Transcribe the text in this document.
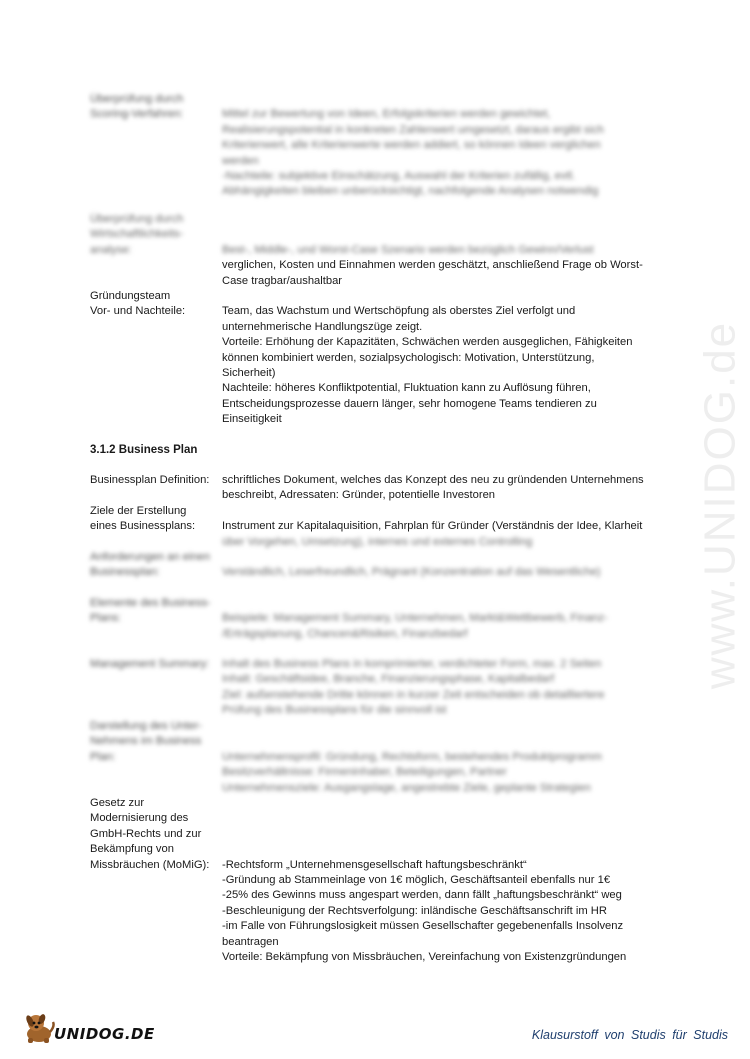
www.UNIDOG.de
Überprüfung durch
Scoring-Verfahren:	Mittel zur Bewertung von Ideen, Erfolgskriterien werden gewichtet,
Realisierungspotential in konkreten Zahlenwert umgesetzt, daraus ergibt sich
Kriterienwert, alle Kriterienwerte werden addiert, so können Ideen verglichen
werden
-Nachteile: subjektive Einschätzung, Auswahl der Kriterien zufällig, evtl.
Abhängigkeiten bleiben unberücksichtigt, nachfolgende Analysen notwendig
Überprüfung durch
Wirtschaftlichkeits-
analyse:	Best-, Middle-, und Worst-Case Szenario werden bezüglich Gewinn/Verlust
verglichen, Kosten und Einnahmen werden geschätzt, anschließend Frage ob Worst-
Case tragbar/aushaltbar
Gründungsteam
Vor- und Nachteile:	Team, das Wachstum und Wertschöpfung als oberstes Ziel verfolgt und
unternehmerische Handlungszüge zeigt.
Vorteile: Erhöhung der Kapazitäten, Schwächen werden ausgeglichen, Fähigkeiten
können kombiniert werden, sozialpsychologisch: Motivation, Unterstützung,
Sicherheit)
Nachteile: höheres Konfliktpotential, Fluktuation kann zu Auflösung führen,
Entscheidungsprozesse dauern länger, sehr homogene Teams tendieren zu
Einseitigkeit
3.1.2 Business Plan
Businessplan Definition:	schriftliches Dokument, welches das Konzept des neu zu gründenden Unternehmens
beschreibt, Adressaten: Gründer, potentielle Investoren
Ziele der Erstellung
eines Businessplans:	Instrument zur Kapitalaquisition, Fahrplan für Gründer (Verständnis der Idee, Klarheit
über Vorgehen, Umsetzung), internes und externes Controlling
Anforderungen an einen
Businessplan:	Verständlich, Leserfreundlich, Prägnant (Konzentration auf das Wesentliche)
Elemente des Business-
Plans:	Beispiele: Management Summary, Unternehmen, Markt&Wettbewerb, Finanz-
/Erträgsplanung, Chancen&Risiken, Finanzbedarf
Management Summary:	Inhalt des Business Plans in komprimierter, verdichteter Form, max. 2 Seiten
Inhalt: Geschäftsidee, Branche, Finanzierungsphase, Kapitalbedarf
Ziel: außenstehende Dritte können in kurzer Zeit entscheiden ob detailliertere
Prüfung des Businessplans für die sinnvoll ist
Darstellung des Unter-
Nehmens im Business
Plan:	Unternehmensprofil: Gründung, Rechtsform, bestehendes Produktprogramm
Besitzverhältnisse: Firmeninhaber, Beteiligungen, Partner
Unternehmensziele: Ausgangslage, angestrebte Ziele, geplante Strategien
Gesetz zur
Modernisierung des
GmbH-Rechts und zur
Bekämpfung von
Missbräuchen (MoMiG):	-Rechtsform „Unternehmensgesellschaft haftungsbeschränkt“
-Gründung ab Stammeinlage von 1€ möglich, Geschäftsanteil ebenfalls nur 1€
-25% des Gewinns muss angespart werden, dann fällt „haftungsbeschränkt“ weg
-Beschleunigung der Rechtsverfolgung: inländische Geschäftsanschrift im HR
-im Falle von Führungslosigkeit müssen Gesellschafter gegebenenfalls Insolvenz
beantragen
Vorteile: Bekämpfung von Missbräuchen, Vereinfachung von Existenzgründungen
UNIDOG.DE	Klausurstoff von Studis für Studis
